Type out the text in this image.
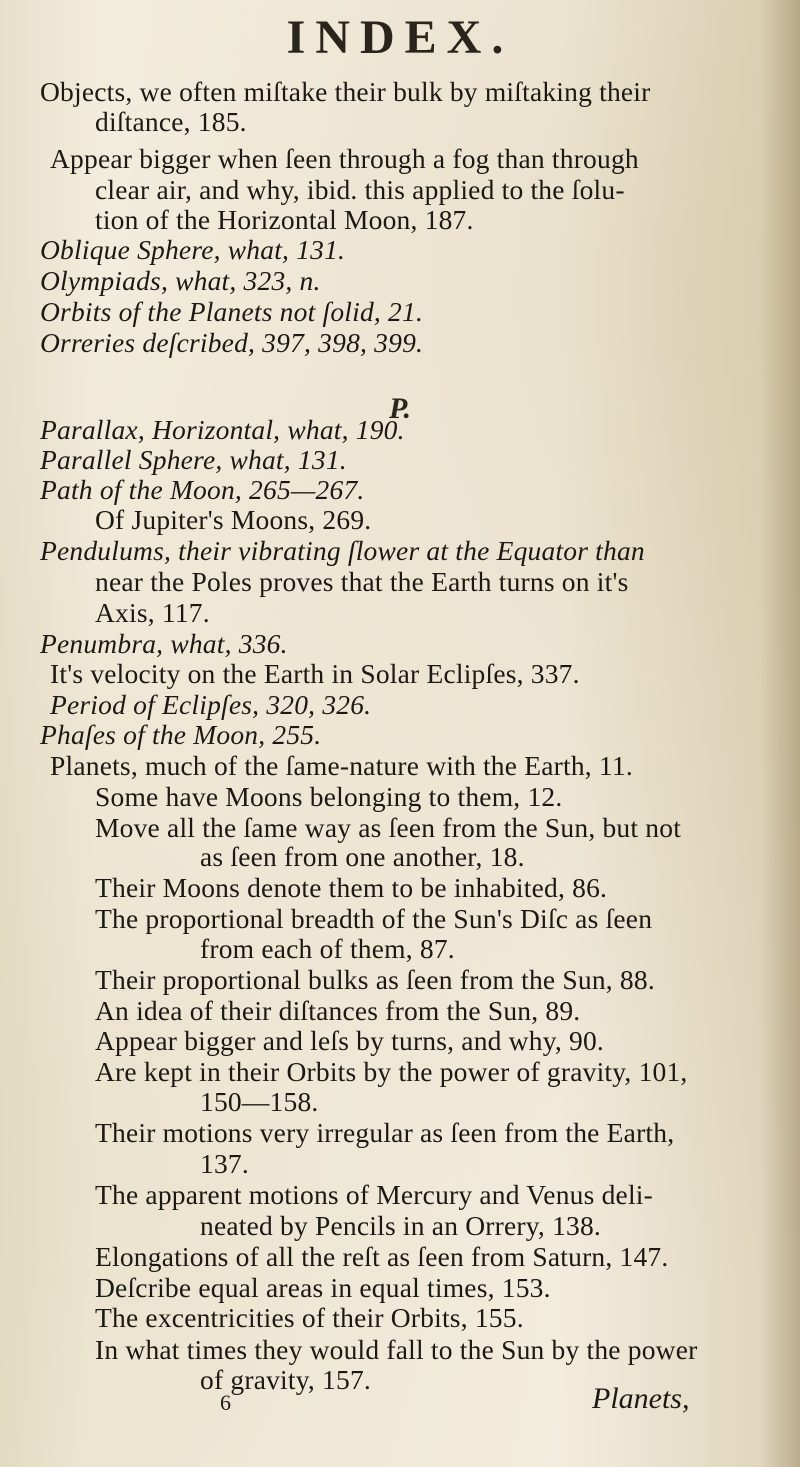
INDEX.
P.
Objects, we often miſtake their bulk by miſtaking their
diſtance, 185.
Appear bigger when ſeen through a fog than through
clear air, and why, ibid. this applied to the ſolu-
tion of the Horizontal Moon, 187.
Oblique Sphere, what, 131.
Olympiads, what, 323, n.
Orbits of the Planets not ſolid, 21.
Orreries deſcribed, 397, 398, 399.
Parallax, Horizontal, what, 190.
Parallel Sphere, what, 131.
Path of the Moon, 265—267.
Of Jupiter's Moons, 269.
Pendulums, their vibrating ſlower at the Equator than
near the Poles proves that the Earth turns on it's
Axis, 117.
Penumbra, what, 336.
It's velocity on the Earth in Solar Eclipſes, 337.
Period of Eclipſes, 320, 326.
Phaſes of the Moon, 255.
Planets, much of the ſame-nature with the Earth, 11.
Some have Moons belonging to them, 12.
Move all the ſame way as ſeen from the Sun, but not
as ſeen from one another, 18.
Their Moons denote them to be inhabited, 86.
The proportional breadth of the Sun's Diſc as ſeen
from each of them, 87.
Their proportional bulks as ſeen from the Sun, 88.
An idea of their diſtances from the Sun, 89.
Appear bigger and leſs by turns, and why, 90.
Are kept in their Orbits by the power of gravity, 101,
150—158.
Their motions very irregular as ſeen from the Earth,
137.
The apparent motions of Mercury and Venus deli-
neated by Pencils in an Orrery, 138.
Elongations of all the reſt as ſeen from Saturn, 147.
Deſcribe equal areas in equal times, 153.
The excentricities of their Orbits, 155.
In what times they would fall to the Sun by the power
of gravity, 157.
6	Planets,
